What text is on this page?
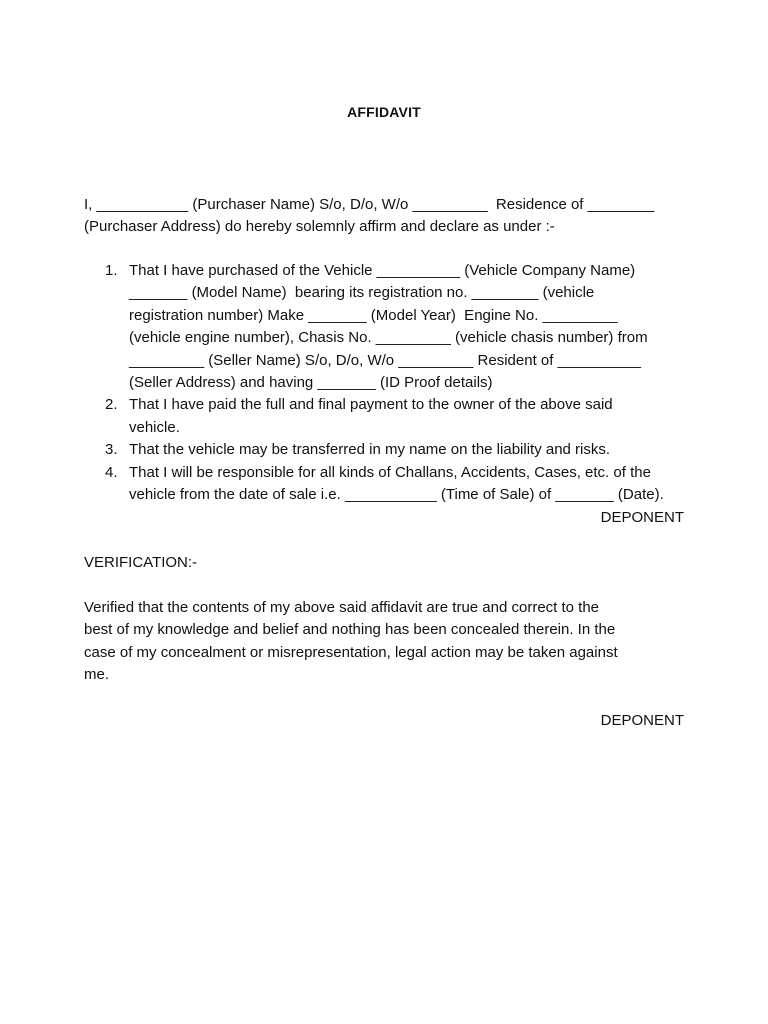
AFFIDAVIT

I, ___________ (Purchaser Name) S/o, D/o, W/o _________  Residence of ________
(Purchaser Address) do hereby solemnly affirm and declare as under :-

1. That I have purchased of the Vehicle __________ (Vehicle Company Name)
_______ (Model Name)  bearing its registration no. ________ (vehicle
registration number) Make _______ (Model Year)  Engine No. _________
(vehicle engine number), Chasis No. _________ (vehicle chasis number) from
_________ (Seller Name) S/o, D/o, W/o _________ Resident of __________
(Seller Address) and having _______ (ID Proof details)
2. That I have paid the full and final payment to the owner of the above said
vehicle.
3. That the vehicle may be transferred in my name on the liability and risks.
4. That I will be responsible for all kinds of Challans, Accidents, Cases, etc. of the
vehicle from the date of sale i.e. ___________ (Time of Sale) of _______ (Date).
DEPONENT
VERIFICATION:-

Verified that the contents of my above said affidavit are true and correct to the
best of my knowledge and belief and nothing has been concealed therein. In the
case of my concealment or misrepresentation, legal action may be taken against
me.

DEPONENT
